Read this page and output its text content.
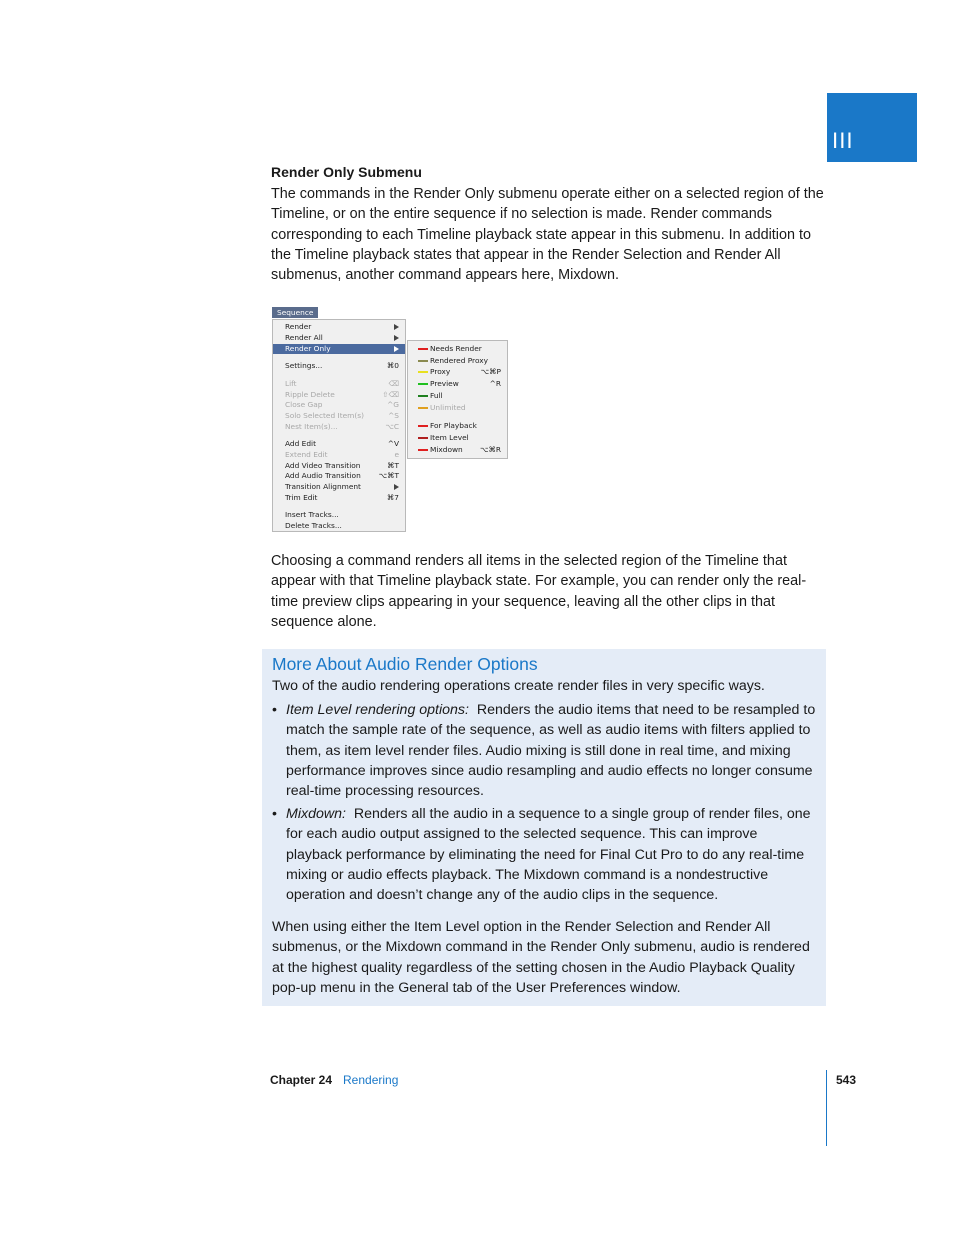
III
Render Only Submenu
The commands in the Render Only submenu operate either on a selected region of the Timeline, or on the entire sequence if no selection is made. Render commands corresponding to each Timeline playback state appear in this submenu. In addition to the Timeline playback states that appear in the Render Selection and Render All submenus, another command appears here, Mixdown.
Sequence
Render
Render All
Render Only
Settings...	⌘0
Lift	⌫
Ripple Delete	⇧⌫
Close Gap	^G
Solo Selected Item(s)	^S
Nest Item(s)...	⌥C
Add Edit	^V
Extend Edit	e
Add Video Transition	⌘T
Add Audio Transition ⌥⌘T
Transition Alignment
Trim Edit	⌘7
Insert Tracks...
Delete Tracks...
Needs Render
Rendered Proxy
Proxy	⌥⌘P
Preview	^R
Full
Unlimited
For Playback
Item Level
Mixdown ⌥⌘R
Choosing a command renders all items in the selected region of the Timeline that appear with that Timeline playback state. For example, you can render only the real-time preview clips appearing in your sequence, leaving all the other clips in that sequence alone.
More About Audio Render Options
Two of the audio rendering operations create render files in very specific ways.
• Item Level rendering options: Renders the audio items that need to be resampled to match the sample rate of the sequence, as well as audio items with filters applied to them, as item level render files. Audio mixing is still done in real time, and mixing performance improves since audio resampling and audio effects no longer consume real-time processing resources.
• Mixdown: Renders all the audio in a sequence to a single group of render files, one for each audio output assigned to the selected sequence. This can improve playback performance by eliminating the need for Final Cut Pro to do any real-time mixing or audio effects playback. The Mixdown command is a nondestructive operation and doesn’t change any of the audio clips in the sequence.
When using either the Item Level option in the Render Selection and Render All submenus, or the Mixdown command in the Render Only submenu, audio is rendered at the highest quality regardless of the setting chosen in the Audio Playback Quality pop-up menu in the General tab of the User Preferences window.
Chapter 24 Rendering	543
